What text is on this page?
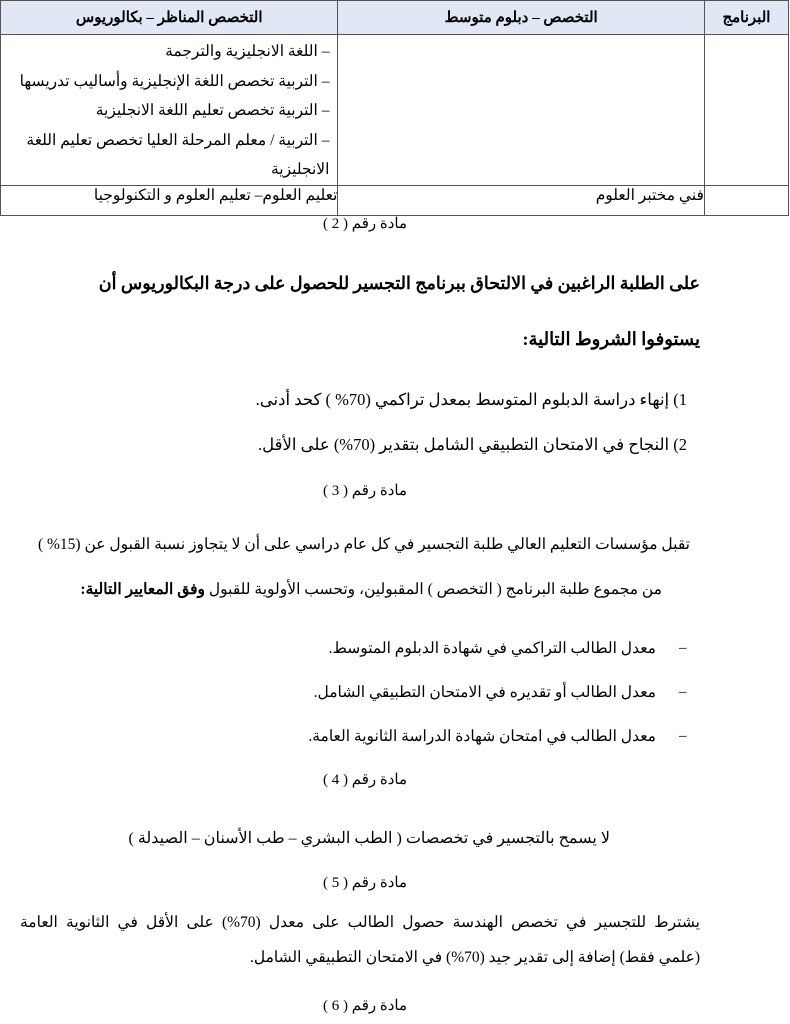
البرنامج	التخصص – دبلوم متوسط	التخصص المناظر – بكالوريوس

		– اللغة الانجليزية والترجمة
– التربية تخصص اللغة الإنجليزية وأساليب تدريسها
– التربية تخصص تعليم اللغة الانجليزية
– التربية / معلم المرحلة العليا تخصص تعليم اللغة
الانجليزية

	فني مختبر العلوم	تعليم العلوم– تعليم العلوم و التكنولوجيا
مادة رقم ( 2 )
على الطلبة الراغبين في الالتحاق ببرنامج التجسير للحصول على درجة البكالوريوس أن
يستوفوا الشروط التالية:
1) إنهاء دراسة الدبلوم المتوسط بمعدل تراكمي (70% ) كحد أدنى.
2) النجاح في الامتحان التطبيقي الشامل بتقدير (70%) على الأقل.
مادة رقم ( 3 )
تقبل مؤسسات التعليم العالي طلبة التجسير في كل عام دراسي على أن لا يتجاوز نسبة القبول عن (15% )
من مجموع طلبة البرنامج ( التخصص ) المقبولين، وتحسب الأولوية للقبول وفق المعايير التالية:
–
معدل الطالب التراكمي في شهادة الدبلوم المتوسط.
–
معدل الطالب أو تقديره في الامتحان التطبيقي الشامل.
–
معدل الطالب في امتحان شهادة الدراسة الثانوية العامة.
مادة رقم ( 4 )
لا يسمح بالتجسير في تخصصات ( الطب البشري – طب الأسنان – الصيدلة )
مادة رقم ( 5 )
يشترط للتجسير في تخصص الهندسة حصول الطالب على معدل (70%) على الأقل في الثانوية العامة
(علمي فقط) إضافة إلى تقدير جيد (70%) في الامتحان التطبيقي الشامل.
مادة رقم ( 6 )
